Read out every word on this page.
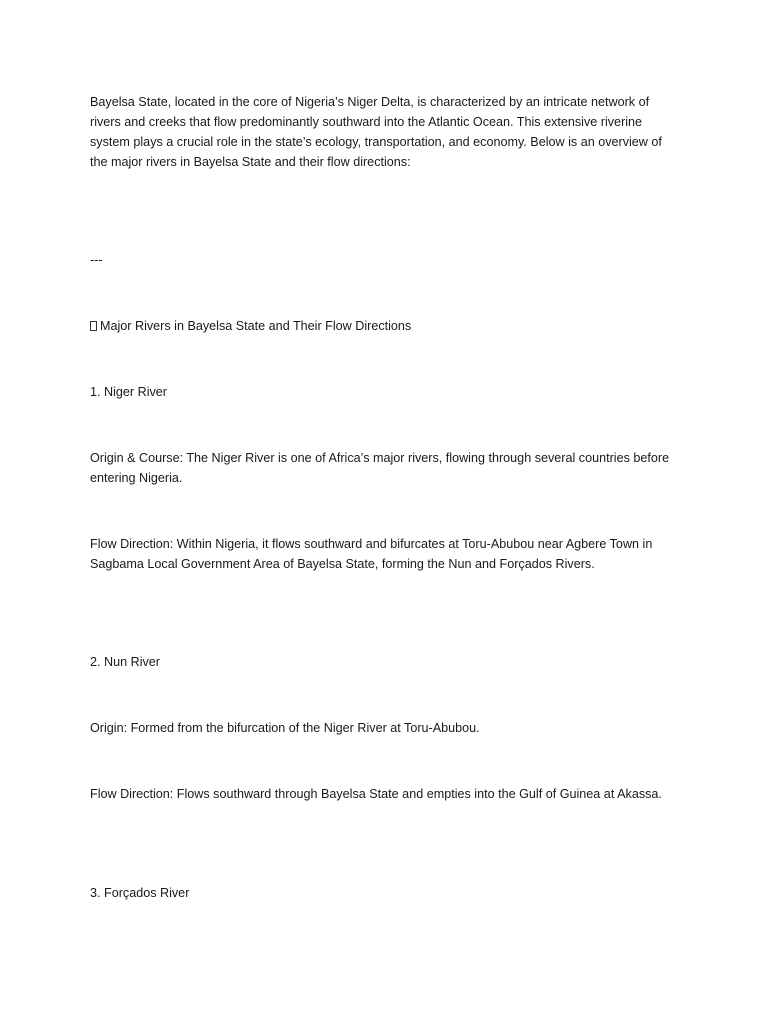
Bayelsa State, located in the core of Nigeria’s Niger Delta, is characterized by an intricate network of rivers and creeks that flow predominantly southward into the Atlantic Ocean. This extensive riverine system plays a crucial role in the state’s ecology, transportation, and economy. Below is an overview of the major rivers in Bayelsa State and their flow directions:

---

Major Rivers in Bayelsa State and Their Flow Directions

1. Niger River

Origin & Course: The Niger River is one of Africa’s major rivers, flowing through several countries before entering Nigeria.

Flow Direction: Within Nigeria, it flows southward and bifurcates at Toru-Abubou near Agbere Town in Sagbama Local Government Area of Bayelsa State, forming the Nun and Forçados Rivers.

2. Nun River

Origin: Formed from the bifurcation of the Niger River at Toru-Abubou.

Flow Direction: Flows southward through Bayelsa State and empties into the Gulf of Guinea at Akassa.

3. Forçados River
